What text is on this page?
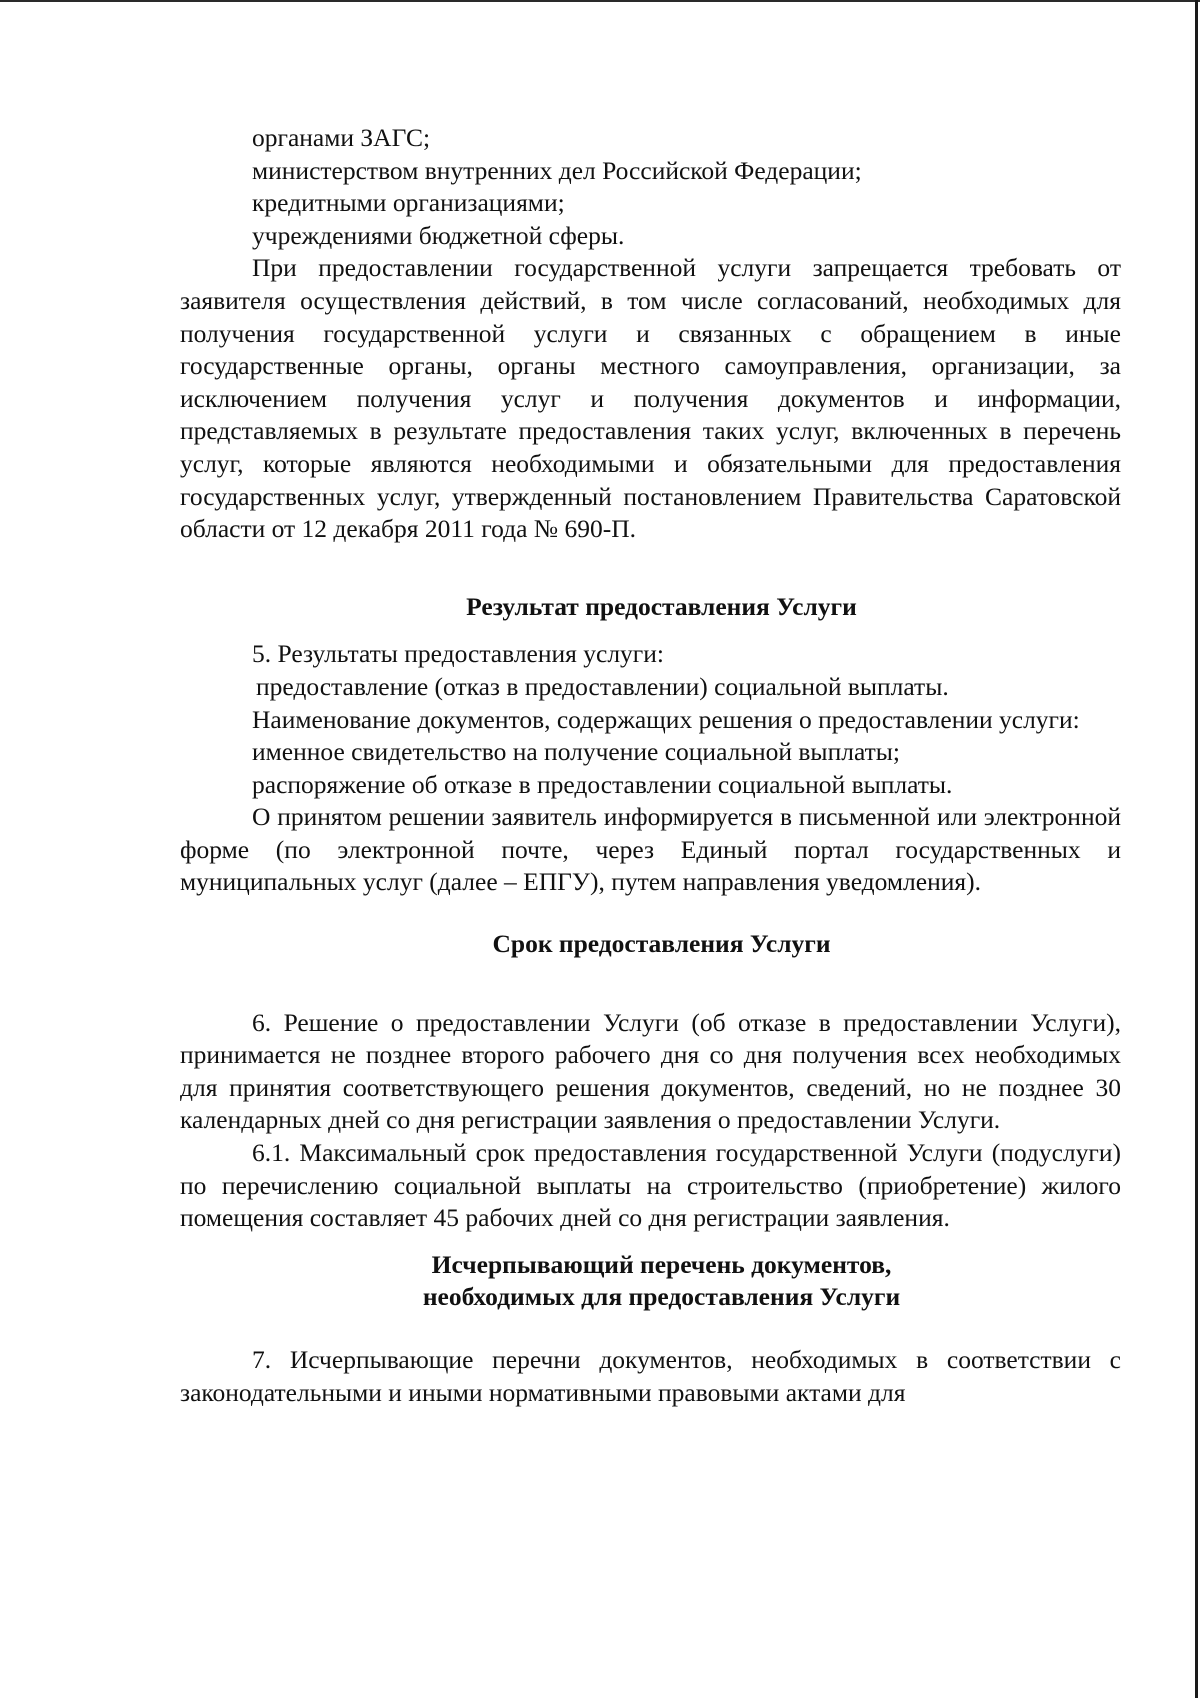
органами ЗАГС;

министерством внутренних дел Российской Федерации;

кредитными организациями;

учреждениями бюджетной сферы.

При предоставлении государственной услуги запрещается требовать от заявителя осуществления действий, в том числе согласований, необходимых для получения государственной услуги и связанных с обращением в иные государственные органы, органы местного самоуправления, организации, за исключением получения услуг и получения документов и информации, представляемых в результате предоставления таких услуг, включенных в перечень услуг, которые являются необходимыми и обязательными для предоставления государственных услуг, утвержденный постановлением Правительства Саратовской области от 12 декабря 2011 года № 690-П.

Результат предоставления Услуги

5. Результаты предоставления услуги:

предоставление (отказ в предоставлении) социальной выплаты.

Наименование документов, содержащих решения о предоставлении услуги:

именное свидетельство на получение социальной выплаты;

распоряжение об отказе в предоставлении социальной выплаты.

О принятом решении заявитель информируется в письменной или электронной форме (по электронной почте, через Единый портал государственных и муниципальных услуг (далее – ЕПГУ), путем направления уведомления).

Срок предоставления Услуги

6. Решение о предоставлении Услуги (об отказе в предоставлении Услуги), принимается не позднее второго рабочего дня со дня получения всех необходимых для принятия соответствующего решения документов, сведений, но не позднее 30 календарных дней со дня регистрации заявления о предоставлении Услуги.

6.1. Максимальный срок предоставления государственной Услуги (подуслуги) по перечислению социальной выплаты на строительство (приобретение) жилого помещения составляет 45 рабочих дней со дня регистрации заявления.

Исчерпывающий перечень документов,

необходимых для предоставления Услуги

7. Исчерпывающие перечни документов, необходимых в соответствии с законодательными и иными нормативными правовыми актами для
